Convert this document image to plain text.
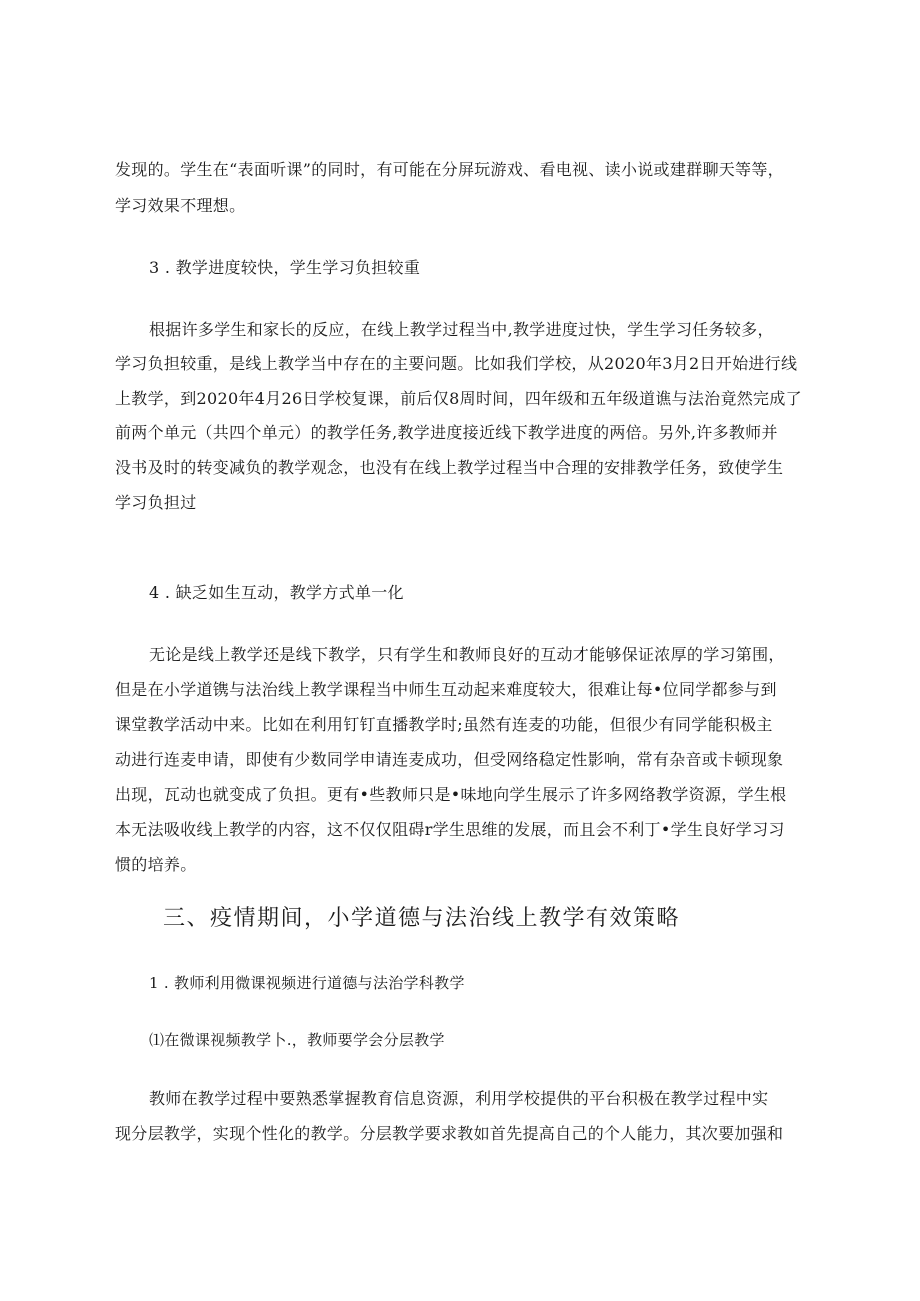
发现的。学生在“表面听课”的同时，有可能在分屏玩游戏、看电视、读小说或建群聊天等等，
学习效果不理想。
3 . 教学进度较快，学生学习负担较重
根据许多学生和家长的反应，在线上教学过程当中,教学进度过快，学生学习任务较多，
学习负担较重，是线上教学当中存在的主要问题。比如我们学校，从2020年3月2日开始进行线
上教学，到2020年4月26日学校复课，前后仅8周时间，四年级和五年级道谯与法治竟然完成了
前两个单元（共四个单元）的教学任务,教学进度接近线下教学进度的两倍。另外,许多教师并
没书及时的转变减负的教学观念，也没有在线上教学过程当中合理的安排教学任务，致使学生
学习负担过
4 . 缺乏如生互动，教学方式单一化
无论是线上教学还是线下教学，只有学生和教师良好的互动才能够保证浓厚的学习第围，
但是在小学道镌与法治线上教学课程当中师生互动起来难度较大，很难让每•位同学都参与到
课堂教学活动中来。比如在利用钉钉直播教学时;虽然有连麦的功能，但很少有同学能积极主
动进行连麦申请，即使有少数同学申请连麦成功，但受网络稳定性影响，常有杂音或卡顿现象
出现，瓦动也就变成了负担。更有•些教师只是•味地向学生展示了许多网络教学资源，学生根
本无法吸收线上教学的内容，这不仅仅阻碍r学生思维的发展，而且会不利丁•学生良好学习习
惯的培养。
三、疫情期间，小学道德与法治线上教学有效策略
1 . 教师利用微课视频进行道德与法治学科教学
⑴在微课视频教学卜.，教师要学会分层教学
教师在教学过程中要熟悉掌握教育信息资源，利用学校提供的平台积极在教学过程中实
现分层教学，实现个性化的教学。分层教学要求教如首先提高自己的个人能力，其次要加强和
